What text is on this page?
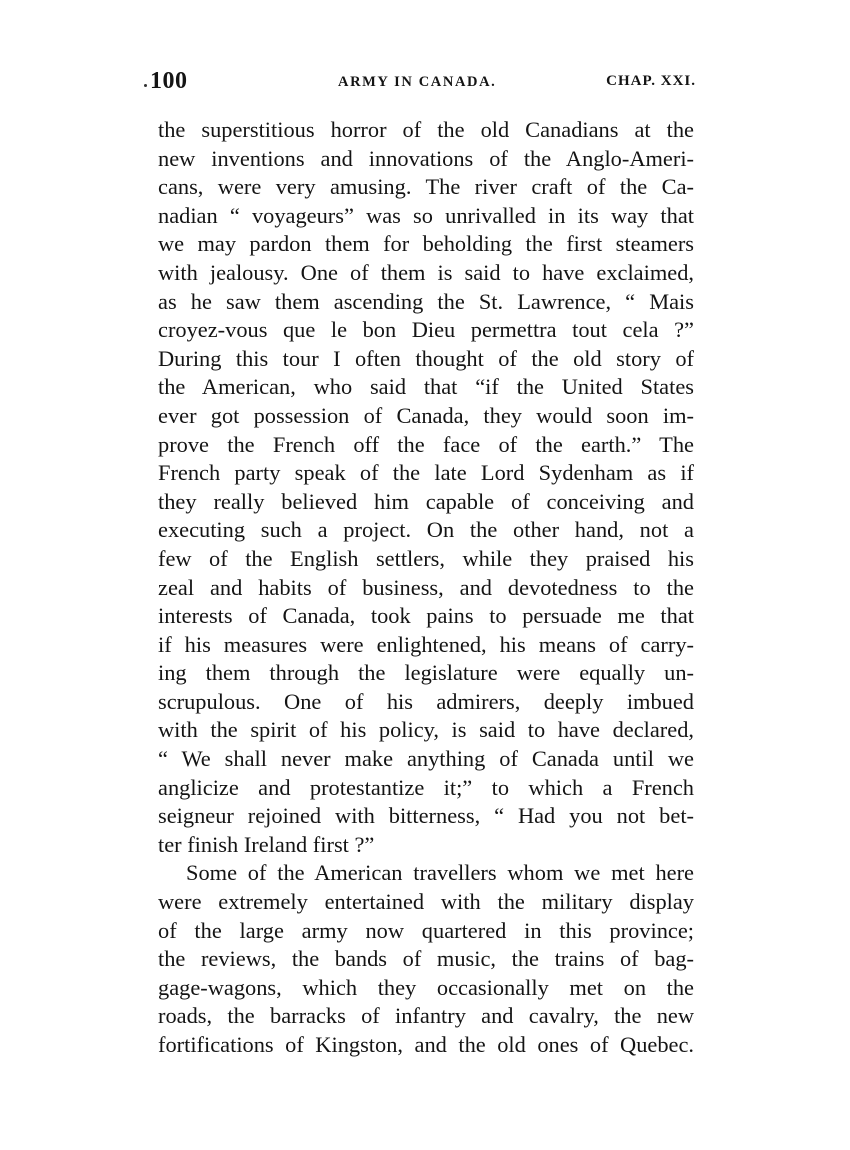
100	ARMY IN CANADA.	CHAP. XXI.
the superstitious horror of the old Canadians at the
new inventions and innovations of the Anglo-Ameri-
cans, were very amusing. The river craft of the Ca-
nadian “ voyageurs” was so unrivalled in its way that
we may pardon them for beholding the first steamers
with jealousy. One of them is said to have exclaimed,
as he saw them ascending the St. Lawrence, “ Mais
croyez-vous que le bon Dieu permettra tout cela ?”
During this tour I often thought of the old story of
the American, who said that “if the United States
ever got possession of Canada, they would soon im-
prove the French off the face of the earth.” The
French party speak of the late Lord Sydenham as if
they really believed him capable of conceiving and
executing such a project. On the other hand, not a
few of the English settlers, while they praised his
zeal and habits of business, and devotedness to the
interests of Canada, took pains to persuade me that
if his measures were enlightened, his means of carry-
ing them through the legislature were equally un-
scrupulous. One of his admirers, deeply imbued
with the spirit of his policy, is said to have declared,
“ We shall never make anything of Canada until we
anglicize and protestantize it;” to which a French
seigneur rejoined with bitterness, “ Had you not bet-
ter finish Ireland first ?”
Some of the American travellers whom we met here
were extremely entertained with the military display
of the large army now quartered in this province;
the reviews, the bands of music, the trains of bag-
gage-wagons, which they occasionally met on the
roads, the barracks of infantry and cavalry, the new
fortifications of Kingston, and the old ones of Quebec.
